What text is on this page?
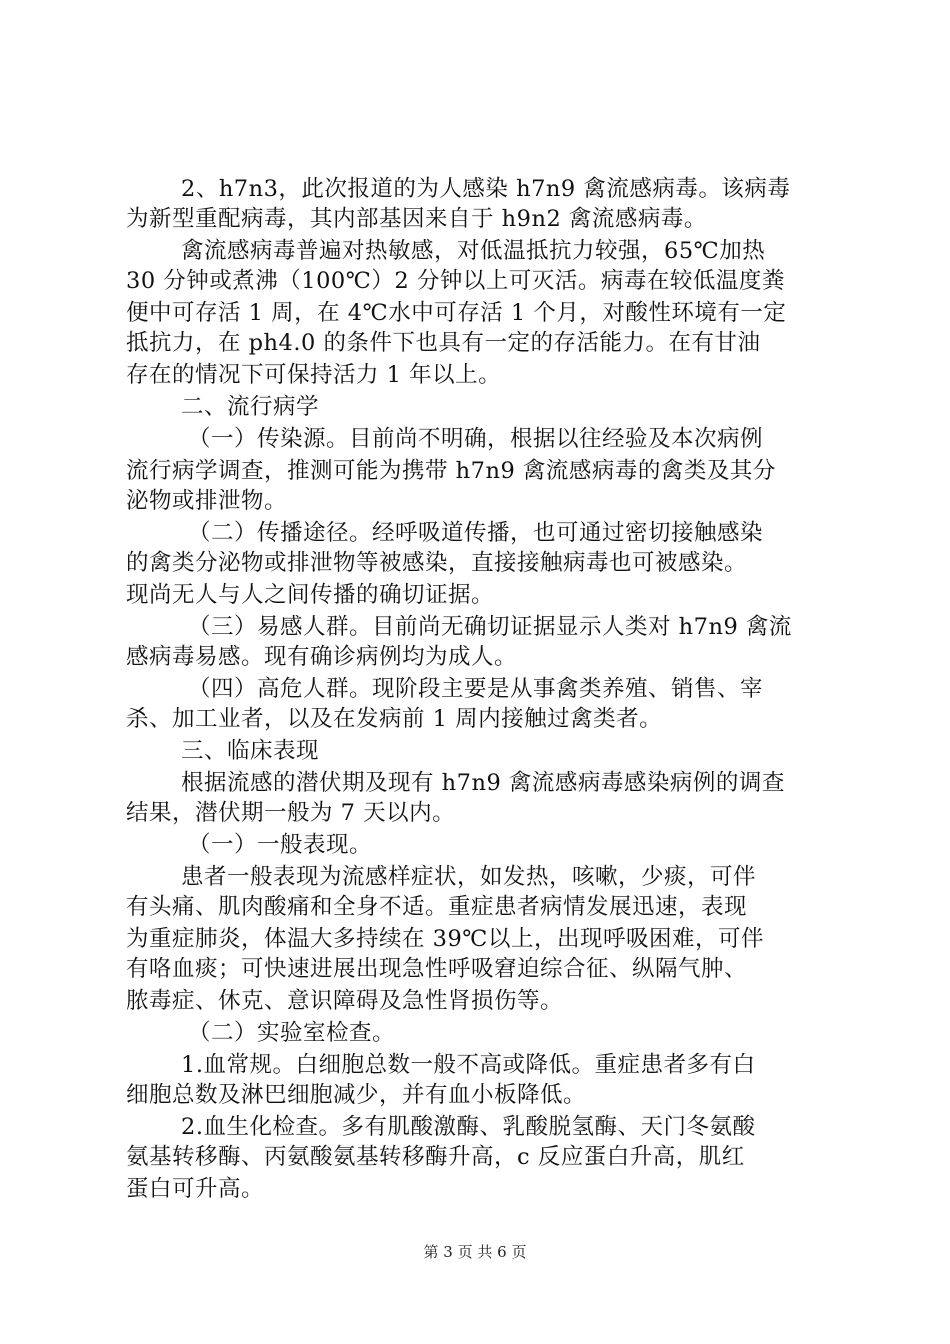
2、h7n3，此次报道的为人感染 h7n9 禽流感病毒。该病毒
为新型重配病毒，其内部基因来自于 h9n2 禽流感病毒。
禽流感病毒普遍对热敏感，对低温抵抗力较强，65℃加热
30 分钟或煮沸（100℃）2 分钟以上可灭活。病毒在较低温度粪
便中可存活 1 周，在 4℃水中可存活 1 个月，对酸性环境有一定
抵抗力，在 ph4.0 的条件下也具有一定的存活能力。在有甘油
存在的情况下可保持活力 1 年以上。
二、流行病学
（一）传染源。目前尚不明确，根据以往经验及本次病例
流行病学调查，推测可能为携带 h7n9 禽流感病毒的禽类及其分
泌物或排泄物。
（二）传播途径。经呼吸道传播，也可通过密切接触感染
的禽类分泌物或排泄物等被感染，直接接触病毒也可被感染。
现尚无人与人之间传播的确切证据。
（三）易感人群。目前尚无确切证据显示人类对 h7n9 禽流
感病毒易感。现有确诊病例均为成人。
（四）高危人群。现阶段主要是从事禽类养殖、销售、宰
杀、加工业者，以及在发病前 1 周内接触过禽类者。
三、临床表现
根据流感的潜伏期及现有 h7n9 禽流感病毒感染病例的调查
结果，潜伏期一般为 7 天以内。
（一）一般表现。
患者一般表现为流感样症状，如发热，咳嗽，少痰，可伴
有头痛、肌肉酸痛和全身不适。重症患者病情发展迅速，表现
为重症肺炎，体温大多持续在 39℃以上，出现呼吸困难，可伴
有咯血痰；可快速进展出现急性呼吸窘迫综合征、纵隔气肿、
脓毒症、休克、意识障碍及急性肾损伤等。
（二）实验室检查。
1.血常规。白细胞总数一般不高或降低。重症患者多有白
细胞总数及淋巴细胞减少，并有血小板降低。
2.血生化检查。多有肌酸激酶、乳酸脱氢酶、天门冬氨酸
氨基转移酶、丙氨酸氨基转移酶升高，c 反应蛋白升高，肌红
蛋白可升高。
第 3 页 共 6 页
